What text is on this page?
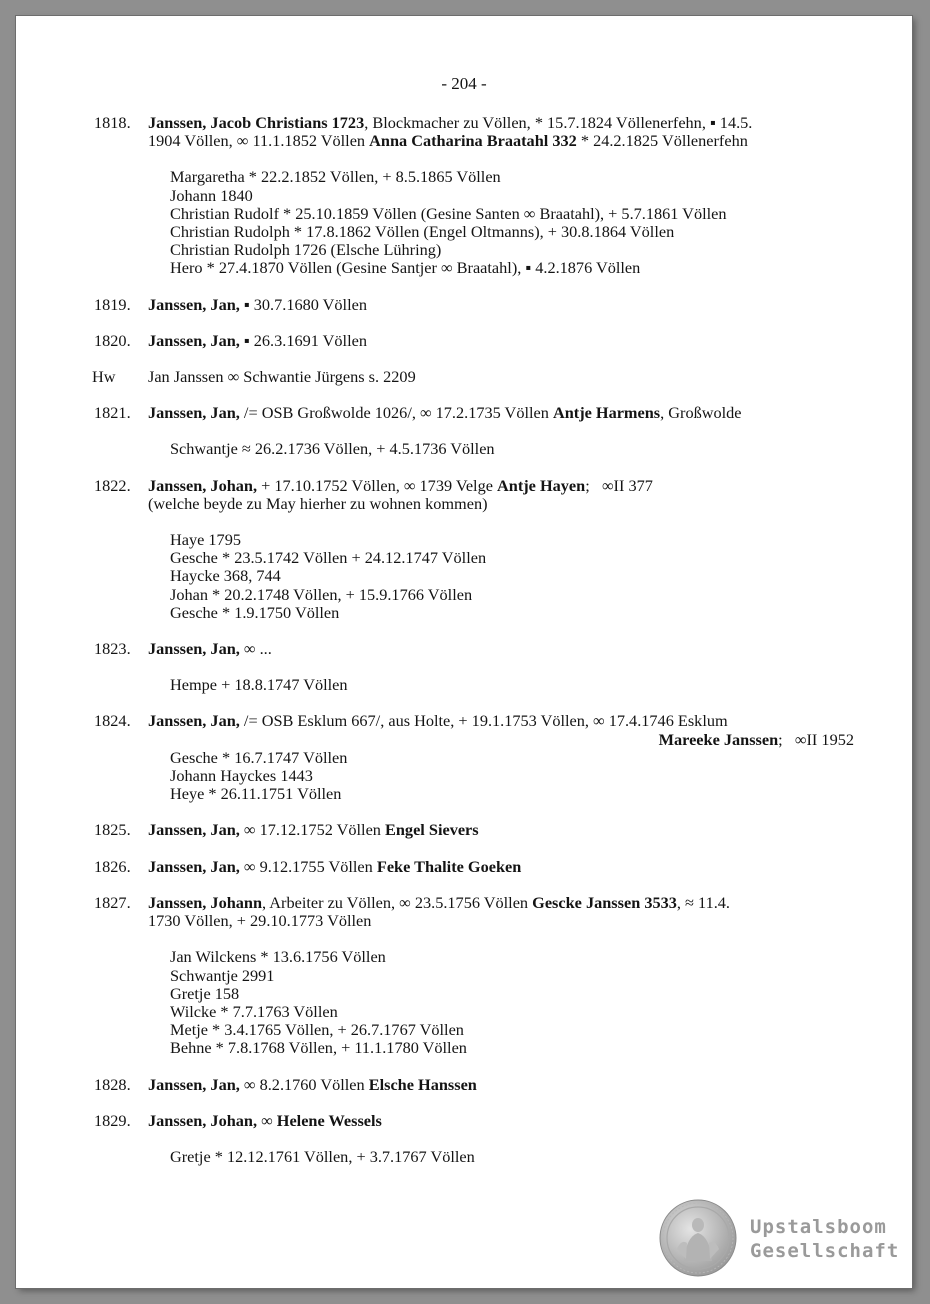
- 204 -
1818. Janssen, Jacob Christians 1723, Blockmacher zu Völlen, * 15.7.1824 Völlenerfehn, ▪ 14.5.
1904 Völlen, ∞ 11.1.1852 Völlen Anna Catharina Braatahl 332 * 24.2.1825 Völlenerfehn
Margaretha * 22.2.1852 Völlen, + 8.5.1865 Völlen
Johann 1840
Christian Rudolf * 25.10.1859 Völlen (Gesine Santen ∞ Braatahl), + 5.7.1861 Völlen
Christian Rudolph * 17.8.1862 Völlen (Engel Oltmanns), + 30.8.1864 Völlen
Christian Rudolph 1726 (Elsche Lühring)
Hero * 27.4.1870 Völlen (Gesine Santjer ∞ Braatahl), ▪ 4.2.1876 Völlen
1819. Janssen, Jan, ▪ 30.7.1680 Völlen
1820. Janssen, Jan, ▪ 26.3.1691 Völlen
Hw Jan Janssen ∞ Schwantie Jürgens s. 2209
1821. Janssen, Jan, /= OSB Großwolde 1026/, ∞ 17.2.1735 Völlen Antje Harmens, Großwolde
Schwantje ≈ 26.2.1736 Völlen, + 4.5.1736 Völlen
1822. Janssen, Johan, + 17.10.1752 Völlen, ∞ 1739 Velge Antje Hayen;   ∞II 377
(welche beyde zu May hierher zu wohnen kommen)
Haye 1795
Gesche * 23.5.1742 Völlen + 24.12.1747 Völlen
Haycke 368, 744
Johan * 20.2.1748 Völlen, + 15.9.1766 Völlen
Gesche * 1.9.1750 Völlen
1823. Janssen, Jan, ∞ ...
Hempe + 18.8.1747 Völlen
1824. Janssen, Jan, /= OSB Esklum 667/, aus Holte, + 19.1.1753 Völlen, ∞ 17.4.1746 Esklum
Mareeke Janssen;   ∞II 1952
Gesche * 16.7.1747 Völlen
Johann Hayckes 1443
Heye * 26.11.1751 Völlen
1825. Janssen, Jan, ∞ 17.12.1752 Völlen Engel Sievers
1826. Janssen, Jan, ∞ 9.12.1755 Völlen Feke Thalite Goeken
1827. Janssen, Johann, Arbeiter zu Völlen, ∞ 23.5.1756 Völlen Gescke Janssen 3533, ≈ 11.4.
1730 Völlen, + 29.10.1773 Völlen
Jan Wilckens * 13.6.1756 Völlen
Schwantje 2991
Gretje 158
Wilcke * 7.7.1763 Völlen
Metje * 3.4.1765 Völlen, + 26.7.1767 Völlen
Behne * 7.8.1768 Völlen, + 11.1.1780 Völlen
1828. Janssen, Jan, ∞ 8.2.1760 Völlen Elsche Hanssen
1829. Janssen, Johan, ∞ Helene Wessels
Gretje * 12.12.1761 Völlen, + 3.7.1767 Völlen
Upstalsboom
Gesellschaft
